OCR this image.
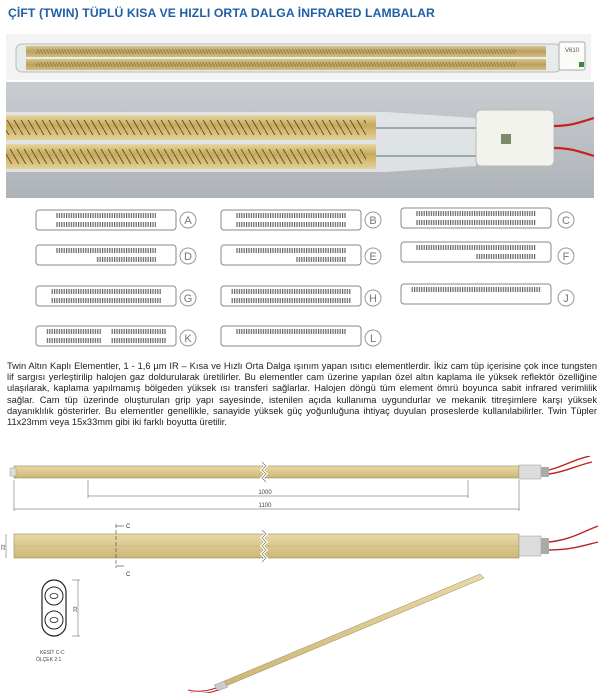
ÇİFT (TWIN) TÜPLÜ KISA VE HIZLI ORTA DALGA İNFRARED LAMBALAR
V610
A	B	C
D	E	F
G	H	J
K	L
Twin Altın Kaplı Elementler, 1 - 1,6 µm IR – Kısa ve Hızlı Orta Dalga ışınım yapan ısıtıcı elementlerdir. İkiz cam tüp içerisine çok ince tungsten lif sargısı yerleştirilip halojen gaz doldurularak üretilirler. Bu elementler cam üzerine yapılan özel altın kaplama ile yüksek reflektör özelliğine ulaşılarak, kaplama yapılmamış bölgeden yüksek ısı transferi sağlarlar. Halojen döngü tüm element ömrü boyunca sabit infrared verimlilik sağlar. Cam tüp üzerinde oluşturulan grip yapı sayesinde, istenilen açıda kullanıma uygundurlar ve mekanik titreşimlere karşı yüksek dayanıklılık gösterirler. Bu elementler genellikle, sanayide yüksek güç yoğunluğuna ihtiyaç duyulan proseslerde kullanılabilirler. Twin Tüpler 11x23mm veya 15x33mm gibi iki farklı boyutta üretilir.
1000
1100
C
C
22
33
KESİT C-C
ÖLÇEK 2:1
